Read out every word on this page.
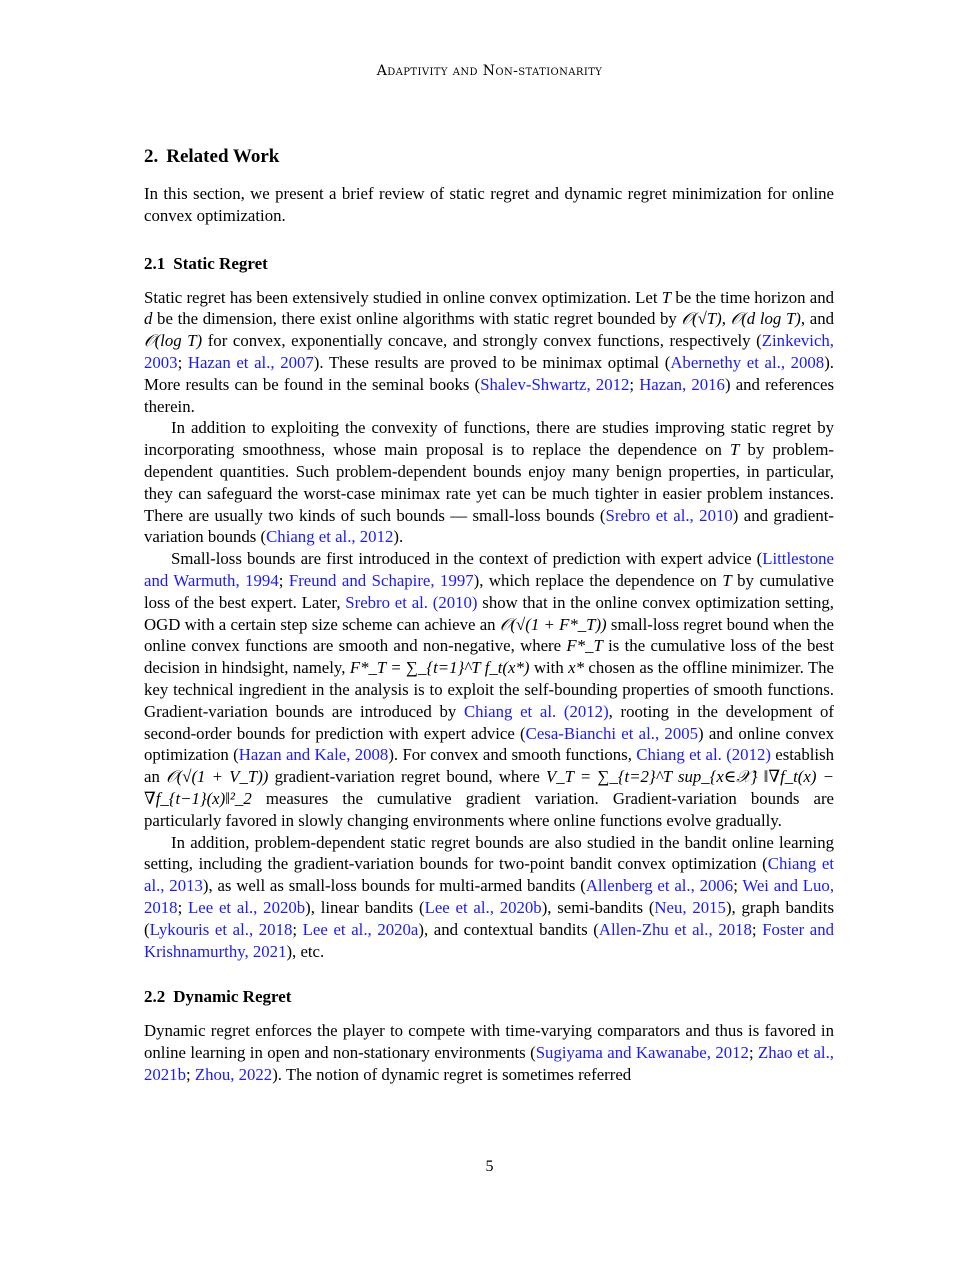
Adaptivity and Non-stationarity
2. Related Work

In this section, we present a brief review of static regret and dynamic regret minimization for online convex optimization.

2.1 Static Regret

Static regret has been extensively studied in online convex optimization. Let T be the time horizon and d be the dimension, there exist online algorithms with static regret bounded by 𝒪(√T), 𝒪(d log T), and 𝒪(log T) for convex, exponentially concave, and strongly convex functions, respectively (Zinkevich, 2003; Hazan et al., 2007). These results are proved to be minimax optimal (Abernethy et al., 2008). More results can be found in the seminal books (Shalev-Shwartz, 2012; Hazan, 2016) and references therein.

In addition to exploiting the convexity of functions, there are studies improving static regret by incorporating smoothness, whose main proposal is to replace the dependence on T by problem-dependent quantities. Such problem-dependent bounds enjoy many benign properties, in particular, they can safeguard the worst-case minimax rate yet can be much tighter in easier problem instances. There are usually two kinds of such bounds — small-loss bounds (Srebro et al., 2010) and gradient-variation bounds (Chiang et al., 2012).

Small-loss bounds are first introduced in the context of prediction with expert advice (Littlestone and Warmuth, 1994; Freund and Schapire, 1997), which replace the dependence on T by cumulative loss of the best expert. Later, Srebro et al. (2010) show that in the online convex optimization setting, OGD with a certain step size scheme can achieve an 𝒪(√(1 + F*_T)) small-loss regret bound when the online convex functions are smooth and non-negative, where F*_T is the cumulative loss of the best decision in hindsight, namely, F*_T = ∑_{t=1}^T f_t(x*) with x* chosen as the offline minimizer. The key technical ingredient in the analysis is to exploit the self-bounding properties of smooth functions. Gradient-variation bounds are introduced by Chiang et al. (2012), rooting in the development of second-order bounds for prediction with expert advice (Cesa-Bianchi et al., 2005) and online convex optimization (Hazan and Kale, 2008). For convex and smooth functions, Chiang et al. (2012) establish an 𝒪(√(1 + V_T)) gradient-variation regret bound, where V_T = ∑_{t=2}^T sup_{x∈𝒳} ‖∇f_t(x) − ∇f_{t−1}(x)‖²_2 measures the cumulative gradient variation. Gradient-variation bounds are particularly favored in slowly changing environments where online functions evolve gradually.

In addition, problem-dependent static regret bounds are also studied in the bandit online learning setting, including the gradient-variation bounds for two-point bandit convex optimization (Chiang et al., 2013), as well as small-loss bounds for multi-armed bandits (Allenberg et al., 2006; Wei and Luo, 2018; Lee et al., 2020b), linear bandits (Lee et al., 2020b), semi-bandits (Neu, 2015), graph bandits (Lykouris et al., 2018; Lee et al., 2020a), and contextual bandits (Allen-Zhu et al., 2018; Foster and Krishnamurthy, 2021), etc.

2.2 Dynamic Regret

Dynamic regret enforces the player to compete with time-varying comparators and thus is favored in online learning in open and non-stationary environments (Sugiyama and Kawanabe, 2012; Zhao et al., 2021b; Zhou, 2022). The notion of dynamic regret is sometimes referred

5
